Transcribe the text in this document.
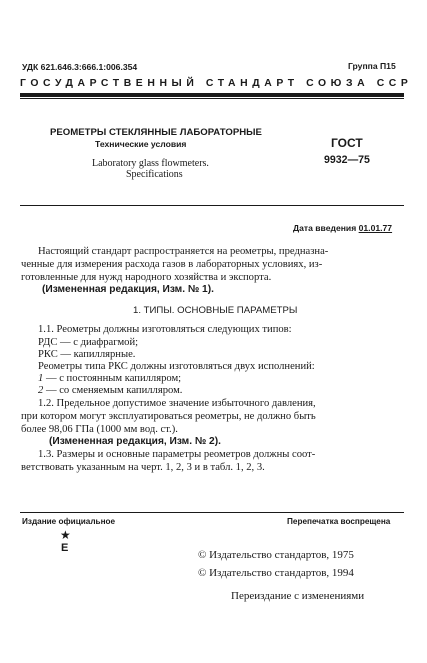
УДК 621.646.3:666.1:006.354	Группа П15
ГОСУДАРСТВЕННЫЙ СТАНДАРТ СОЮЗА ССР
РЕОМЕТРЫ СТЕКЛЯННЫЕ ЛАБОРАТОРНЫЕ
Технические условия
Laboratory glass flowmeters.
Specifications
ГОСТ
9932—75
Дата введения 01.01.77
Настоящий стандарт распространяется на реометры, предназна-
ченные для измерения расхода газов в лабораторных условиях, из-
готовленные для нужд народного хозяйства и экспорта.
(Измененная редакция, Изм. № 1).
1. ТИПЫ. ОСНОВНЫЕ ПАРАМЕТРЫ
1.1. Реометры должны изготовляться следующих типов:
РДС — с диафрагмой;
РКС — капиллярные.
Реометры типа РКС должны изготовляться двух исполнений:
1 — с постоянным капилляром;
2 — со сменяемым капилляром.
1.2. Предельное допустимое значение избыточного давления,
при котором могут эксплуатироваться реометры, не должно быть
более 98,06 ГПа (1000 мм вод. ст.).
(Измененная редакция, Изм. № 2).
1.3. Размеры и основные параметры реометров должны соот-
ветствовать указанным на черт. 1, 2, 3 и в табл. 1, 2, 3.
Издание официальное	Перепечатка воспрещена
★
Е
© Издательство стандартов, 1975
© Издательство стандартов, 1994
Переиздание с изменениями
